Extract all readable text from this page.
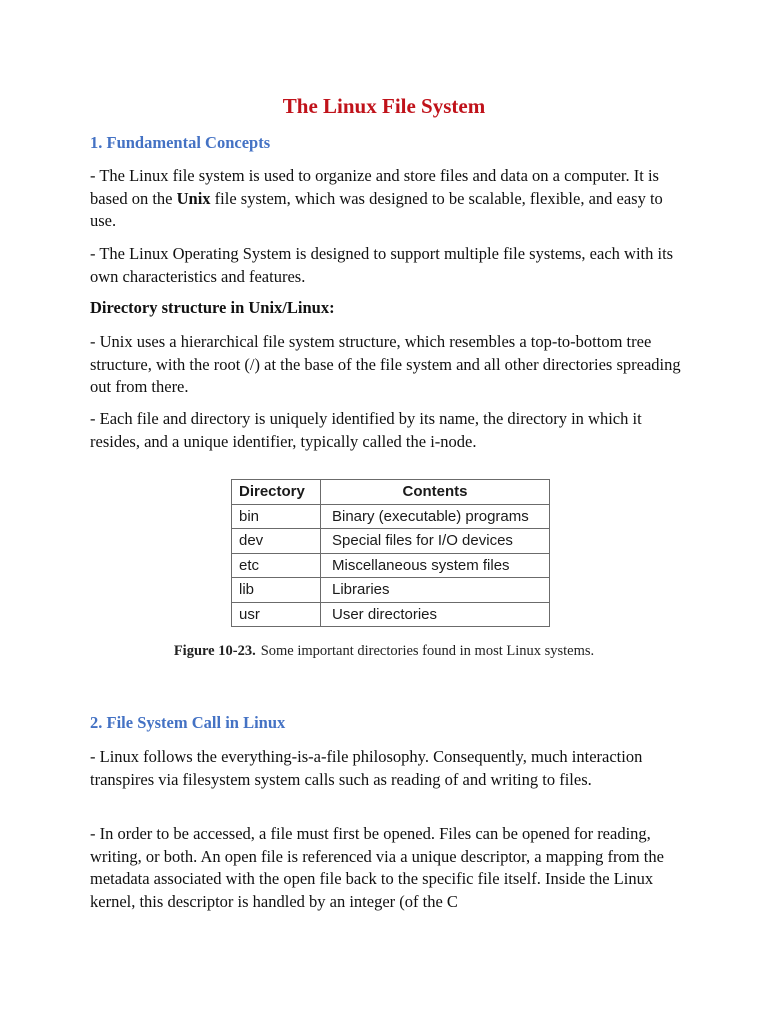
The Linux File System
1. Fundamental Concepts

- The Linux file system is used to organize and store files and data on a computer. It is based on the Unix file system, which was designed to be scalable, flexible, and easy to use.

- The Linux Operating System is designed to support multiple file systems, each with its own characteristics and features.

Directory structure in Unix/Linux:

- Unix uses a hierarchical file system structure, which resembles a top-to-bottom tree structure, with the root (/) at the base of the file system and all other directories spreading out from there.

- Each file and directory is uniquely identified by its name, the directory in which it resides, and a unique identifier, typically called the i-node.

Directory	Contents
bin	Binary (executable) programs
dev	Special files for I/O devices
etc	Miscellaneous system files
lib	Libraries
usr	User directories

Figure 10-23. Some important directories found in most Linux systems.

2. File System Call in Linux

- Linux follows the everything-is-a-file philosophy. Consequently, much interaction transpires via filesystem system calls such as reading of and writing to files.

- In order to be accessed, a file must first be opened. Files can be opened for reading, writing, or both. An open file is referenced via a unique descriptor, a mapping from the metadata associated with the open file back to the specific file itself. Inside the Linux kernel, this descriptor is handled by an integer (of the C
